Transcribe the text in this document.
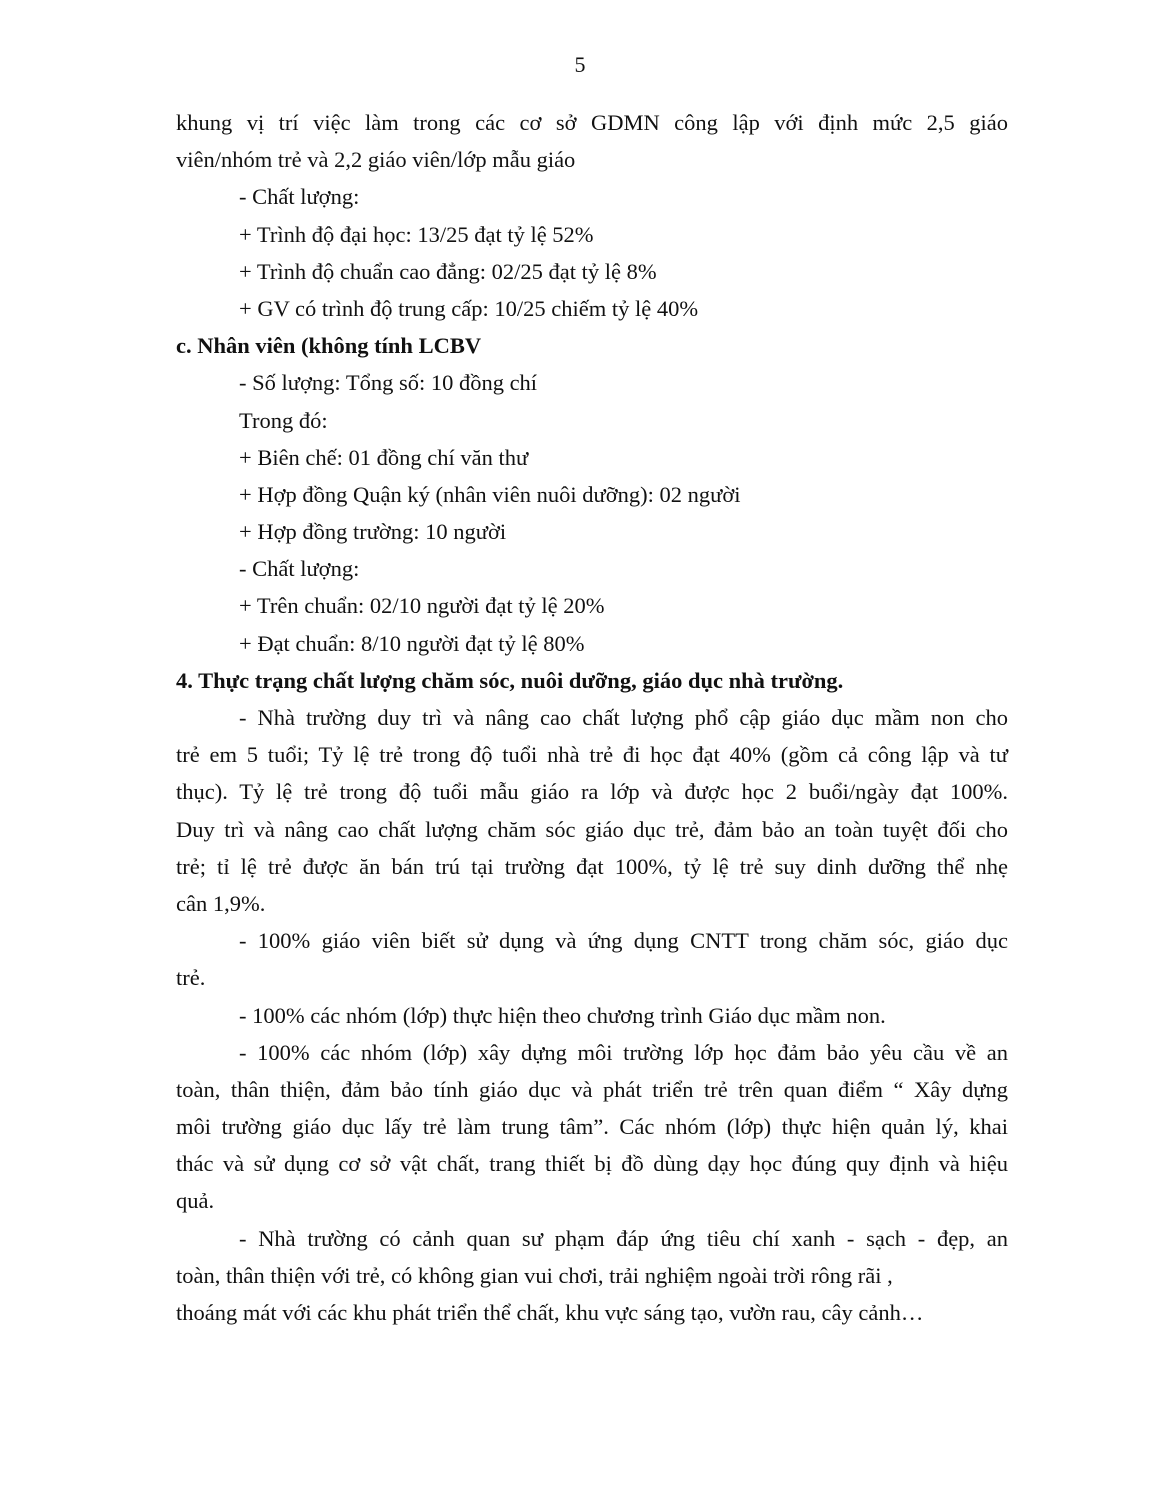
5
khung vị trí việc làm trong các cơ sở GDMN công lập với định mức 2,5 giáo
viên/nhóm trẻ và 2,2 giáo viên/lớp mẫu giáo
- Chất lượng:
+ Trình độ đại học: 13/25 đạt tỷ lệ 52%
+ Trình độ chuẩn cao đẳng: 02/25 đạt tỷ lệ 8%
+ GV có trình độ trung cấp: 10/25 chiếm tỷ lệ 40%
c. Nhân viên (không tính LCBV
- Số lượng: Tổng số: 10 đồng chí
Trong đó:
+ Biên chế: 01 đồng chí văn thư
+ Hợp đồng Quận ký (nhân viên nuôi dưỡng): 02 người
+ Hợp đồng trường: 10 người
- Chất lượng:
+ Trên chuẩn: 02/10 người đạt tỷ lệ 20%
+ Đạt chuẩn: 8/10 người đạt tỷ lệ 80%
4. Thực trạng chất lượng chăm sóc, nuôi dưỡng, giáo dục nhà trường.
- Nhà trường duy trì và nâng cao chất lượng phổ cập giáo dục mầm non cho
trẻ em 5 tuổi; Tỷ lệ trẻ trong độ tuổi nhà trẻ đi học đạt 40% (gồm cả công lập và tư
thục). Tỷ lệ trẻ trong độ tuổi mẫu giáo ra lớp và được học 2 buổi/ngày đạt 100%.
Duy trì và nâng cao chất lượng chăm sóc giáo dục trẻ, đảm bảo an toàn tuyệt đối cho
trẻ; tỉ lệ trẻ được ăn bán trú tại trường đạt 100%, tỷ lệ trẻ suy dinh dưỡng thể nhẹ
cân 1,9%.
- 100% giáo viên biết sử dụng và ứng dụng CNTT trong chăm sóc, giáo dục
trẻ.
- 100% các nhóm (lớp) thực hiện theo chương trình Giáo dục mầm non.
- 100% các nhóm (lớp) xây dựng môi trường lớp học đảm bảo yêu cầu về an
toàn, thân thiện, đảm bảo tính giáo dục và phát triển trẻ trên quan điểm “ Xây dựng
môi trường giáo dục lấy trẻ làm trung tâm”. Các nhóm (lớp) thực hiện quản lý, khai
thác và sử dụng cơ sở vật chất, trang thiết bị đồ dùng dạy học đúng quy định và hiệu
quả.
- Nhà trường có cảnh quan sư phạm đáp ứng tiêu chí xanh - sạch - đẹp, an
toàn, thân thiện với trẻ, có không gian vui chơi, trải nghiệm ngoài trời rông rãi ,
thoáng mát với các khu phát triển thể chất, khu vực sáng tạo, vườn rau, cây cảnh…
